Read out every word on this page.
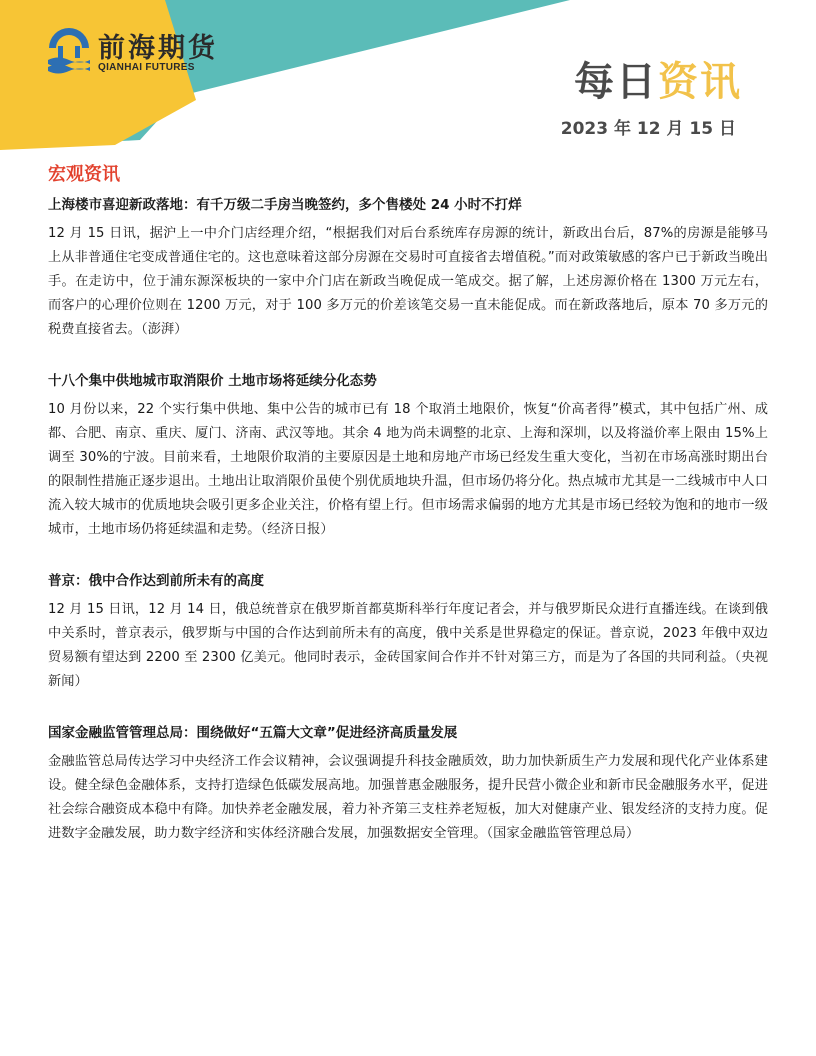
前海期货
QIANHAI FUTURES	每日资讯
2023 年 12 月 15 日
宏观资讯
上海楼市喜迎新政落地：有千万级二手房当晚签约，多个售楼处 24 小时不打烊

12 月 15 日讯，据沪上一中介门店经理介绍，“根据我们对后台系统库存房源的统计，新政出台后，87%的房源是能够马上从非普通住宅变成普通住宅的。这也意味着这部分房源在交易时可直接省去增值税。”而对政策敏感的客户已于新政当晚出手。在走访中，位于浦东源深板块的一家中介门店在新政当晚促成一笔成交。据了解，上述房源价格在 1300 万元左右，而客户的心理价位则在 1200 万元，对于 100 多万元的价差该笔交易一直未能促成。而在新政落地后，原本 70 多万元的税费直接省去。（澎湃）

十八个集中供地城市取消限价 土地市场将延续分化态势

10 月份以来，22 个实行集中供地、集中公告的城市已有 18 个取消土地限价，恢复“价高者得”模式，其中包括广州、成都、合肥、南京、重庆、厦门、济南、武汉等地。其余 4 地为尚未调整的北京、上海和深圳，以及将溢价率上限由 15%上调至 30%的宁波。目前来看，土地限价取消的主要原因是土地和房地产市场已经发生重大变化，当初在市场高涨时期出台的限制性措施正逐步退出。土地出让取消限价虽使个别优质地块升温，但市场仍将分化。热点城市尤其是一二线城市中人口流入较大城市的优质地块会吸引更多企业关注，价格有望上行。但市场需求偏弱的地方尤其是市场已经较为饱和的地市一级城市，土地市场仍将延续温和走势。（经济日报）

普京：俄中合作达到前所未有的高度

12 月 15 日讯，12 月 14 日，俄总统普京在俄罗斯首都莫斯科举行年度记者会，并与俄罗斯民众进行直播连线。在谈到俄中关系时，普京表示，俄罗斯与中国的合作达到前所未有的高度，俄中关系是世界稳定的保证。普京说，2023 年俄中双边贸易额有望达到 2200 至 2300 亿美元。他同时表示，金砖国家间合作并不针对第三方，而是为了各国的共同利益。（央视新闻）

国家金融监管管理总局：围绕做好“五篇大文章”促进经济高质量发展

金融监管总局传达学习中央经济工作会议精神，会议强调提升科技金融质效，助力加快新质生产力发展和现代化产业体系建设。健全绿色金融体系，支持打造绿色低碳发展高地。加强普惠金融服务，提升民营小微企业和新市民金融服务水平，促进社会综合融资成本稳中有降。加快养老金融发展，着力补齐第三支柱养老短板，加大对健康产业、银发经济的支持力度。促进数字金融发展，助力数字经济和实体经济融合发展，加强数据安全管理。（国家金融监管管理总局）
